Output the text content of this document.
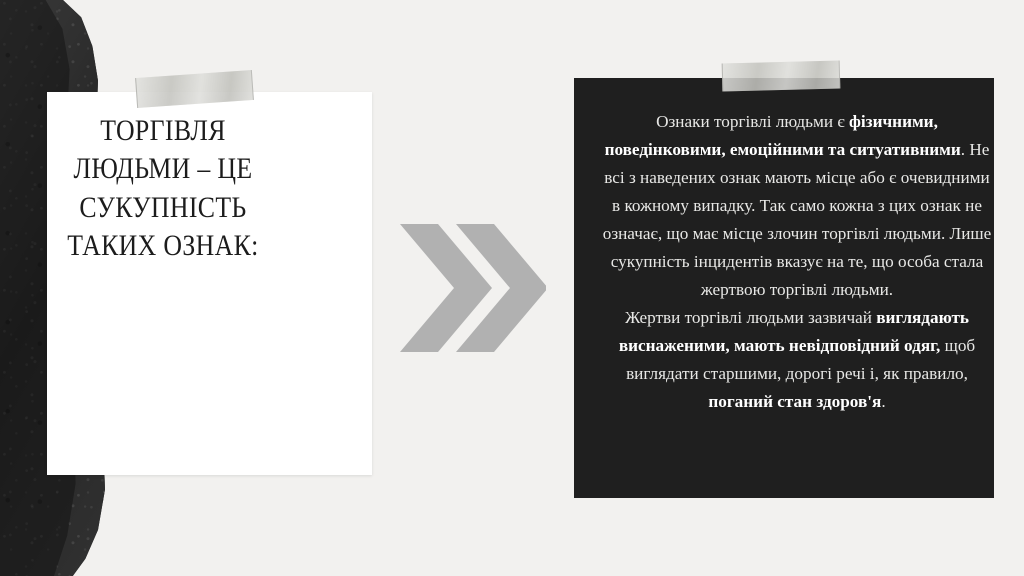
ТОРГІВЛЯ ЛЮДЬМИ – ЦЕ СУКУПНІСТЬ ТАКИХ ОЗНАК:
Ознаки торгівлі людьми є фізичними, поведінковими, емоційними та ситуативними. Не всі з наведених ознак мають місце або є очевидними в кожному випадку. Так само кожна з цих ознак не означає, що має місце злочин торгівлі людьми. Лише сукупність інцидентів вказує на те, що особа стала жертвою торгівлі людьми.
Жертви торгівлі людьми зазвичай виглядають виснаженими, мають невідповідний одяг, щоб виглядати старшими, дорогі речі і, як правило, поганий стан здоров'я.
